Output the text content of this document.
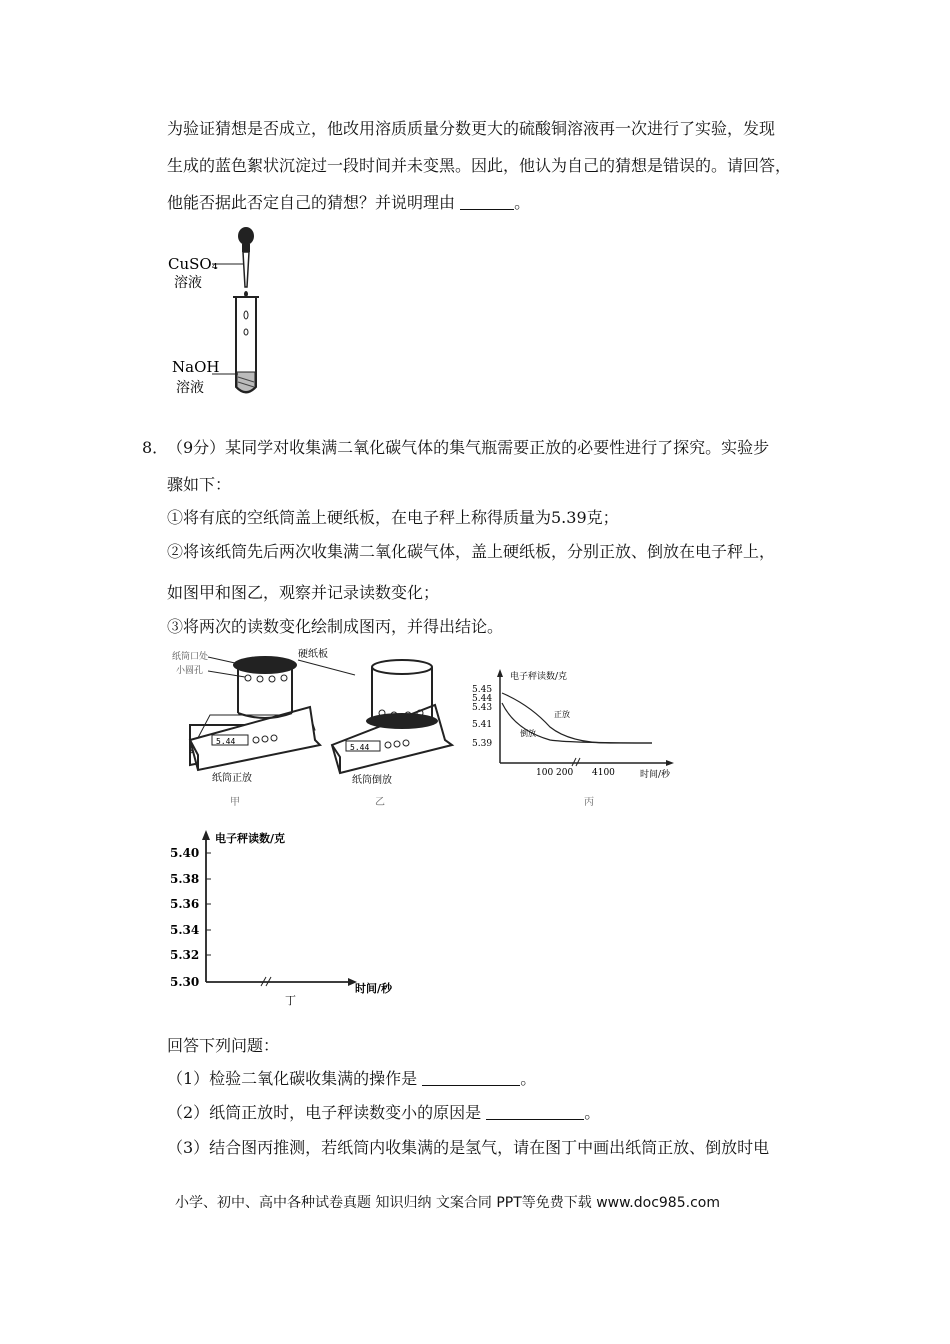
为验证猜想是否成立，他改用溶质质量分数更大的硫酸铜溶液再一次进行了实验，发现
生成的蓝色絮状沉淀过一段时间并未变黑。因此，他认为自己的猜想是错误的。请回答，
他能否据此否定自己的猜想？并说明理由	。
CuSO₄
溶液
NaOH
溶液
8．
（9分）某同学对收集满二氧化碳气体的集气瓶需要正放的必要性进行了探究。实验步
骤如下：
①将有底的空纸筒盖上硬纸板，在电子秤上称得质量为5.39克；
②将该纸筒先后两次收集满二氧化碳气体，盖上硬纸板，分别正放、倒放在电子秤上，
如图甲和图乙，观察并记录读数变化；
③将两次的读数变化绘制成图丙，并得出结论。
5.44
纸筒口处
小圆孔
硬纸板
纸筒正放
甲
5.44
纸筒倒放
乙
电子秤读数/克
时间/秒
5.45
5.44
5.43
5.41
5.39
100 200 4100
正放
倒放
丙
电子秤读数/克
5.40
5.38
5.36
5.34
5.32
5.30	时间/秒
丁
回答下列问题：
（1）检验二氧化碳收集满的操作是	。
（2）纸筒正放时，电子秤读数变小的原因是	。
（3）结合图丙推测，若纸筒内收集满的是氢气，请在图丁中画出纸筒正放、倒放时电
小学、初中、高中各种试卷真题 知识归纳 文案合同 PPT等免费下载 www.doc985.com
